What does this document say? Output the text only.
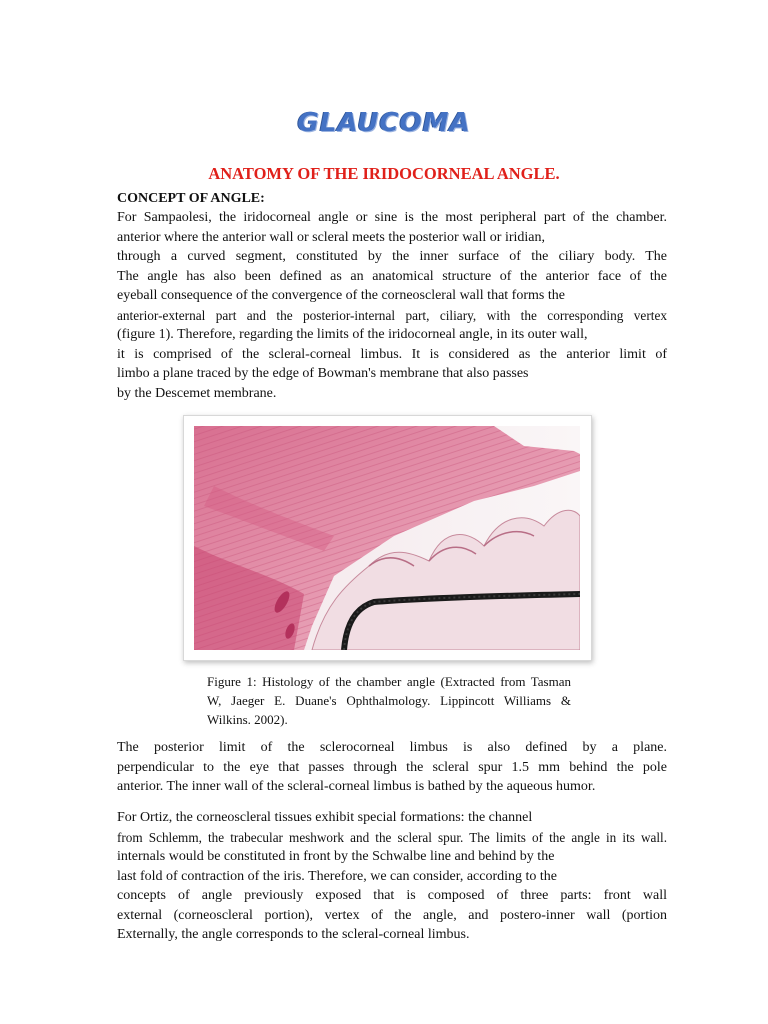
GLAUCOMA
ANATOMY OF THE IRIDOCORNEAL ANGLE.
CONCEPT OF ANGLE:
For Sampaolesi, the iridocorneal angle or sine is the most peripheral part of the chamber.
anterior where the anterior wall or scleral meets the posterior wall or iridian,
through a curved segment, constituted by the inner surface of the ciliary body. The
The angle has also been defined as an anatomical structure of the anterior face of the
eyeball consequence of the convergence of the corneoscleral wall that forms the
anterior-external part and the posterior-internal part, ciliary, with the corresponding vertex
(figure 1). Therefore, regarding the limits of the iridocorneal angle, in its outer wall,
it is comprised of the scleral-corneal limbus. It is considered as the anterior limit of
limbo a plane traced by the edge of Bowman's membrane that also passes
by the Descemet membrane.
Figure 1: Histology of the chamber angle (Extracted from Tasman
W, Jaeger E. Duane's Ophthalmology. Lippincott Williams &
Wilkins. 2002).
The posterior limit of the sclerocorneal limbus is also defined by a plane.
perpendicular to the eye that passes through the scleral spur 1.5 mm behind the pole
anterior. The inner wall of the scleral-corneal limbus is bathed by the aqueous humor.
For Ortiz, the corneoscleral tissues exhibit special formations: the channel
from Schlemm, the trabecular meshwork and the scleral spur. The limits of the angle in its wall.
internals would be constituted in front by the Schwalbe line and behind by the
last fold of contraction of the iris. Therefore, we can consider, according to the
concepts of angle previously exposed that is composed of three parts: front wall
external (corneoscleral portion), vertex of the angle, and postero-inner wall (portion
Externally, the angle corresponds to the scleral-corneal limbus.
